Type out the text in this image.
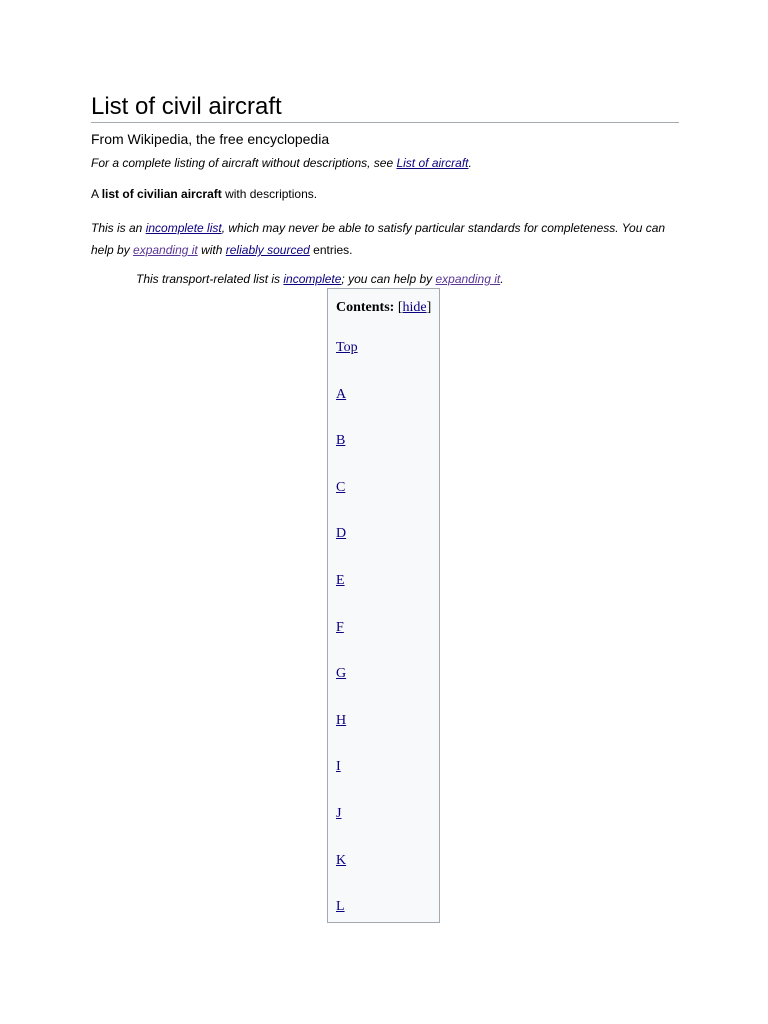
List of civil aircraft
From Wikipedia, the free encyclopedia
For a complete listing of aircraft without descriptions, see List of aircraft.
A list of civilian aircraft with descriptions.
This is an incomplete list, which may never be able to satisfy particular standards for completeness. You can help by expanding it with reliably sourced entries.
This transport-related list is incomplete; you can help by expanding it.
Contents: [hide]
Top
A
B
C
D
E
F
G
H
I
J
K
L
